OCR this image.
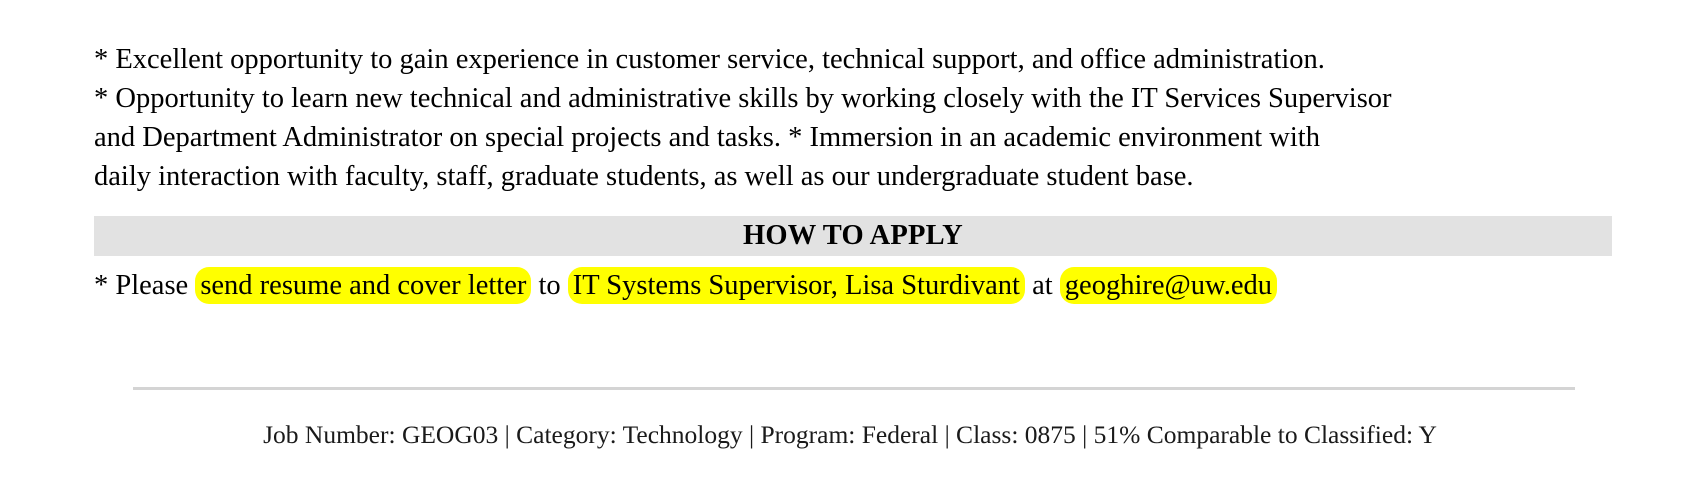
* Excellent opportunity to gain experience in customer service, technical support, and office administration.

* Opportunity to learn new technical and administrative skills by working closely with the IT Services Supervisor

and Department Administrator on special projects and tasks. * Immersion in an academic environment with

daily interaction with faculty, staff, graduate students, as well as our undergraduate student base.

HOW TO APPLY
* Please send resume and cover letter to IT Systems Supervisor, Lisa Sturdivant at geoghire@uw.edu
Job Number: GEOG03 | Category: Technology | Program: Federal | Class: 0875 | 51% Comparable to Classified: Y
